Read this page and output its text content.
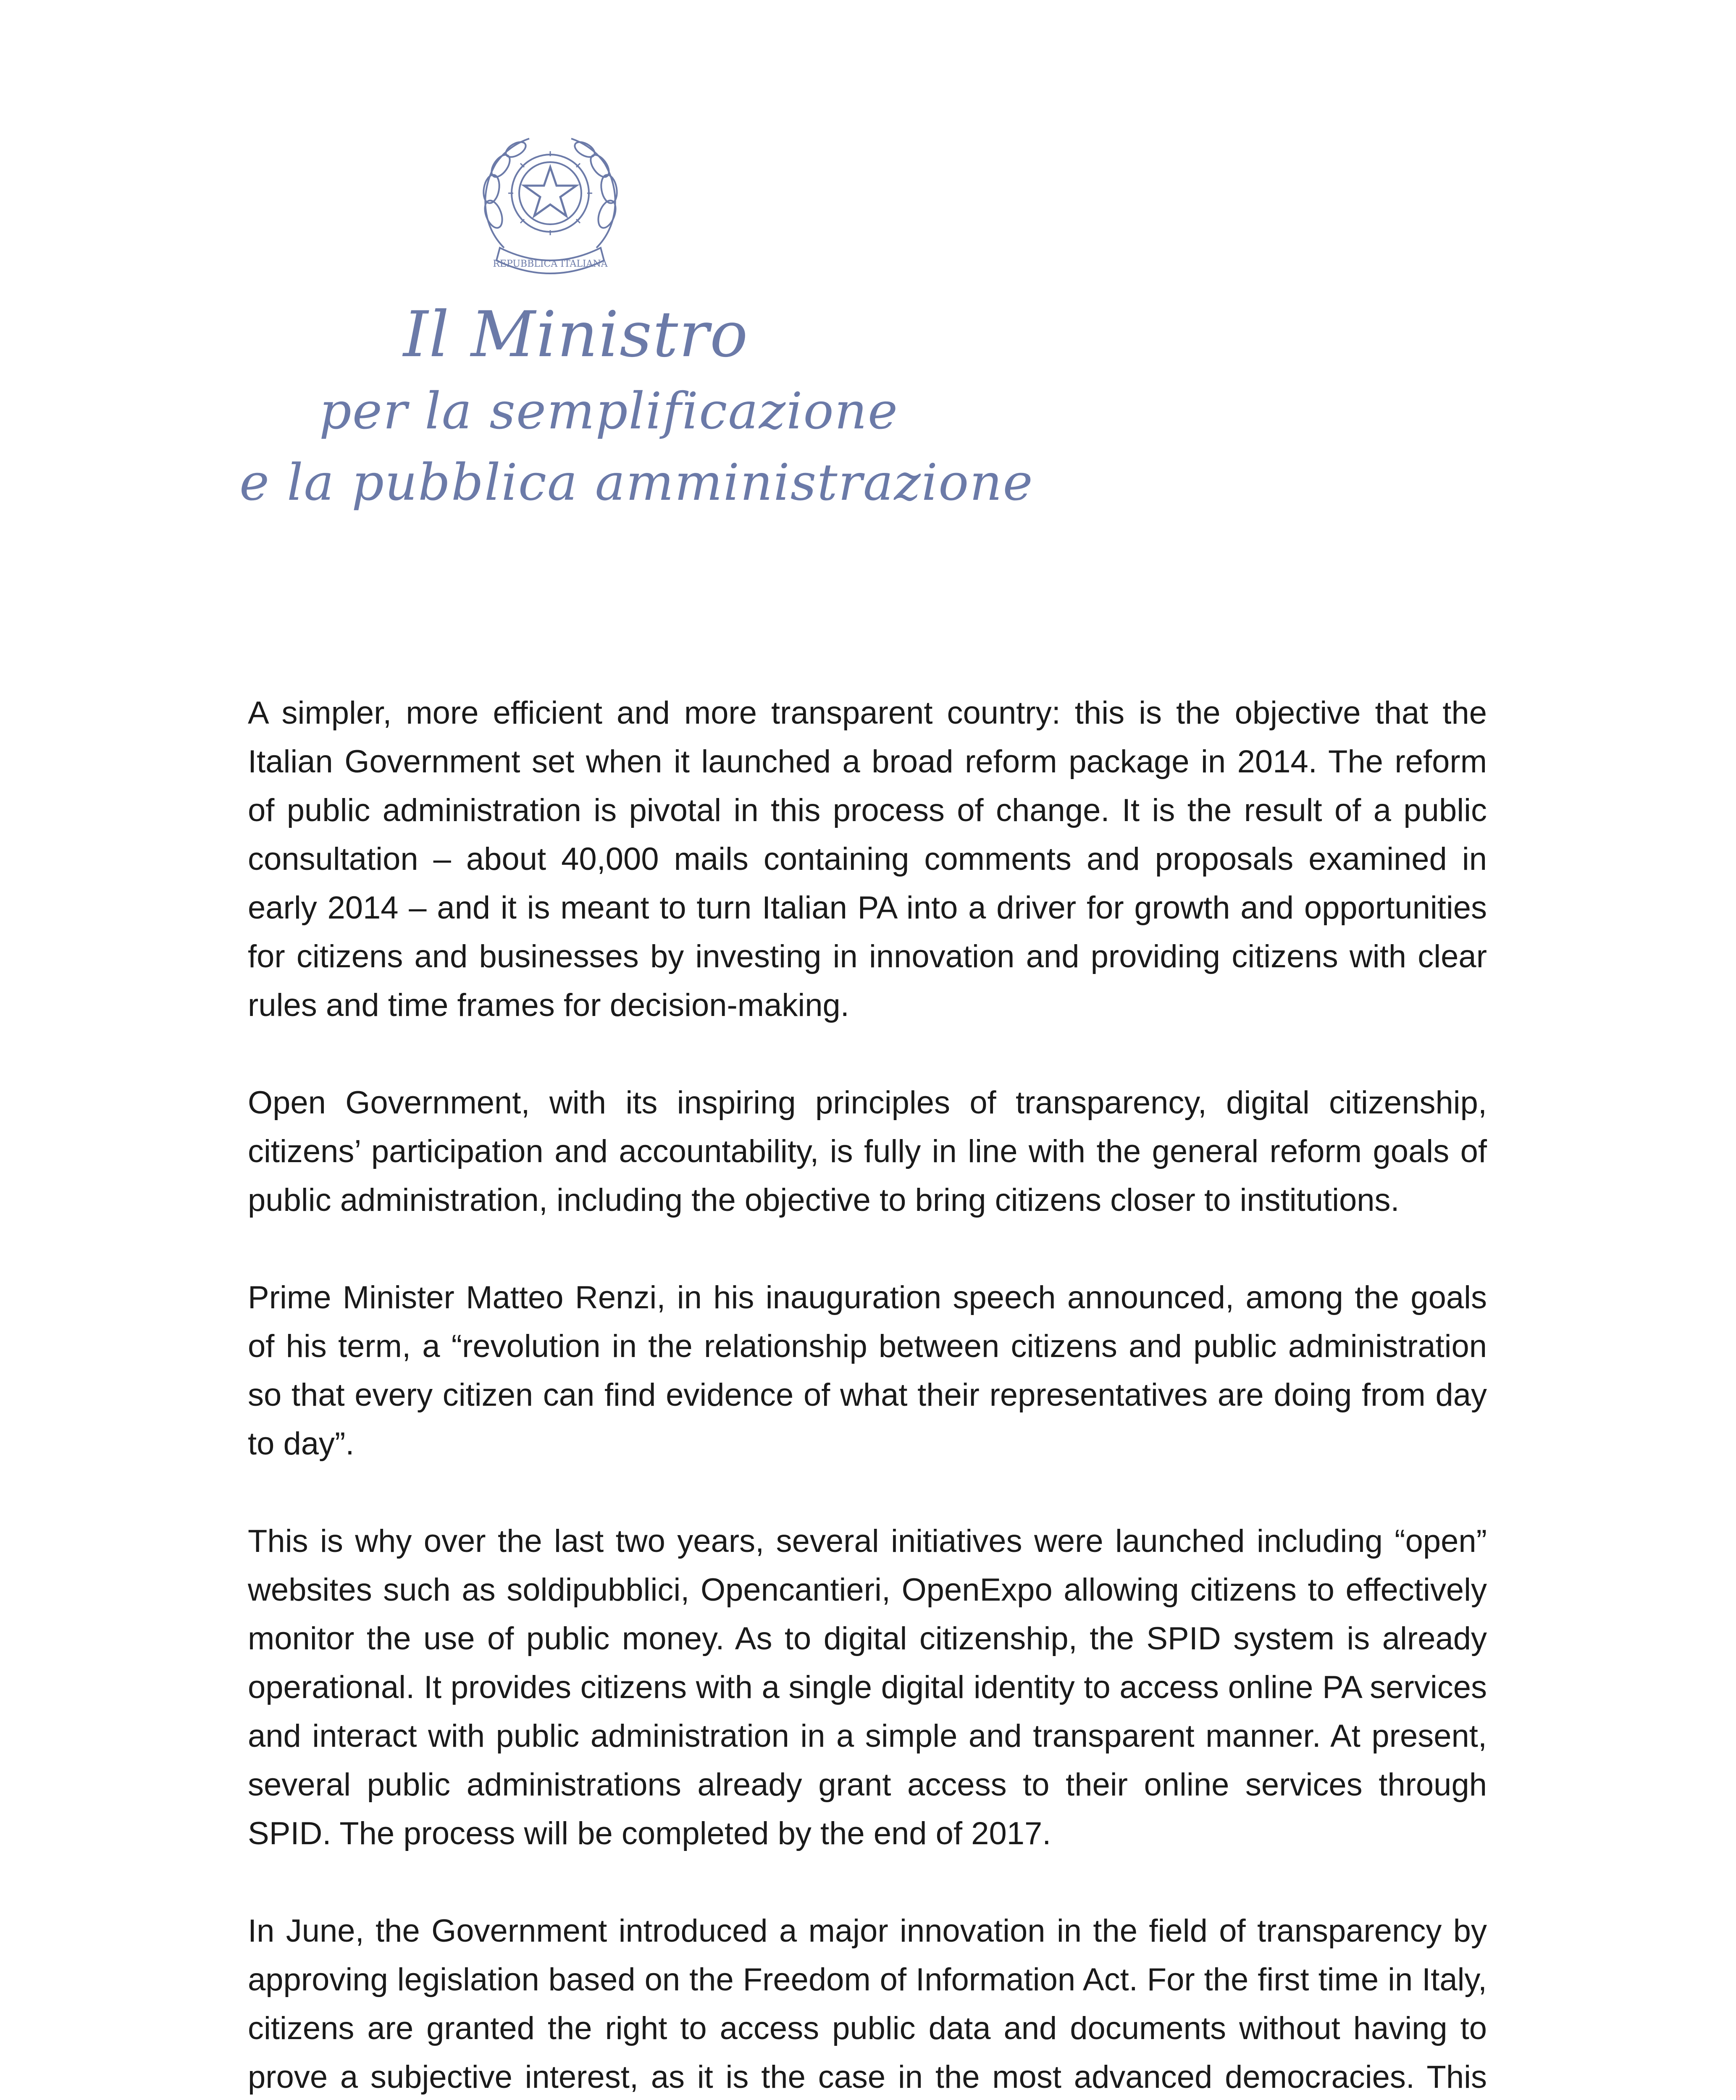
REPUBBLICA ITALIANA
Il Ministro
per la semplificazione
e la pubblica amministrazione

A simpler, more efficient and more transparent country: this is the objective that the Italian Government set when it launched a broad reform package in 2014. The reform of public administration is pivotal in this process of change. It is the result of a public consultation – about 40,000 mails containing comments and proposals examined in early 2014 – and it is meant to turn Italian PA into a driver for growth and opportunities for citizens and businesses by investing in innovation and providing citizens with clear rules and time frames for decision-making.

Open Government, with its inspiring principles of transparency, digital citizenship, citizens’ participation and accountability, is fully in line with the general reform goals of public administration, including the objective to bring citizens closer to institutions.

Prime Minister Matteo Renzi, in his inauguration speech announced, among the goals of his term, a “revolution in the relationship between citizens and public administration so that every citizen can find evidence of what their representatives are doing from day to day”.

This is why over the last two years, several initiatives were launched including “open” websites such as soldipubblici, Opencantieri, OpenExpo allowing citizens to effectively monitor the use of public money. As to digital citizenship, the SPID system is already operational. It provides citizens with a single digital identity to access online PA services and interact with public administration in a simple and transparent manner. At present, several public administrations already grant access to their online services through SPID. The process will be completed by the end of 2017.

In June, the Government introduced a major innovation in the field of transparency by approving legislation based on the Freedom of Information Act. For the first time in Italy, citizens are granted the right to access public data and documents without having to prove a subjective interest, as it is the case in the most advanced democracies. This
